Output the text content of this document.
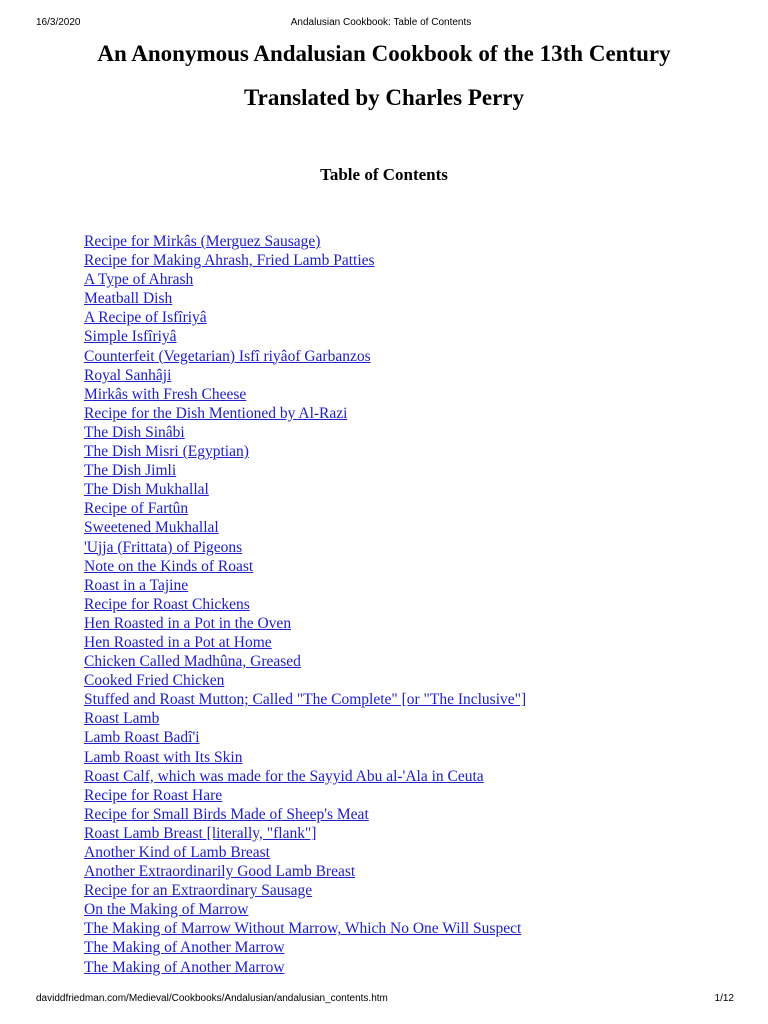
16/3/2020	Andalusian Cookbook: Table of Contents
An Anonymous Andalusian Cookbook of the 13th Century
Translated by Charles Perry
Table of Contents
Recipe for Mirkâs (Merguez Sausage)
Recipe for Making Ahrash, Fried Lamb Patties
A Type of Ahrash
Meatball Dish
A Recipe of Isfîriyâ
Simple Isfîriyâ
Counterfeit (Vegetarian) Isfî riyâof Garbanzos
Royal Sanhâji
Mirkâs with Fresh Cheese
Recipe for the Dish Mentioned by Al-Razi
The Dish Sinâbi
The Dish Misri (Egyptian)
The Dish Jimli
The Dish Mukhallal
Recipe of Fartûn
Sweetened Mukhallal
'Ujja (Frittata) of Pigeons
Note on the Kinds of Roast
Roast in a Tajine
Recipe for Roast Chickens
Hen Roasted in a Pot in the Oven
Hen Roasted in a Pot at Home
Chicken Called Madhûna, Greased
Cooked Fried Chicken
Stuffed and Roast Mutton; Called "The Complete" [or "The Inclusive"]
Roast Lamb
Lamb Roast Badî'i
Lamb Roast with Its Skin
Roast Calf, which was made for the Sayyid Abu al-'Ala in Ceuta
Recipe for Roast Hare
Recipe for Small Birds Made of Sheep's Meat
Roast Lamb Breast [literally, "flank"]
Another Kind of Lamb Breast
Another Extraordinarily Good Lamb Breast
Recipe for an Extraordinary Sausage
On the Making of Marrow
The Making of Marrow Without Marrow, Which No One Will Suspect
The Making of Another Marrow
The Making of Another Marrow
daviddfriedman.com/Medieval/Cookbooks/Andalusian/andalusian_contents.htm	1/12
